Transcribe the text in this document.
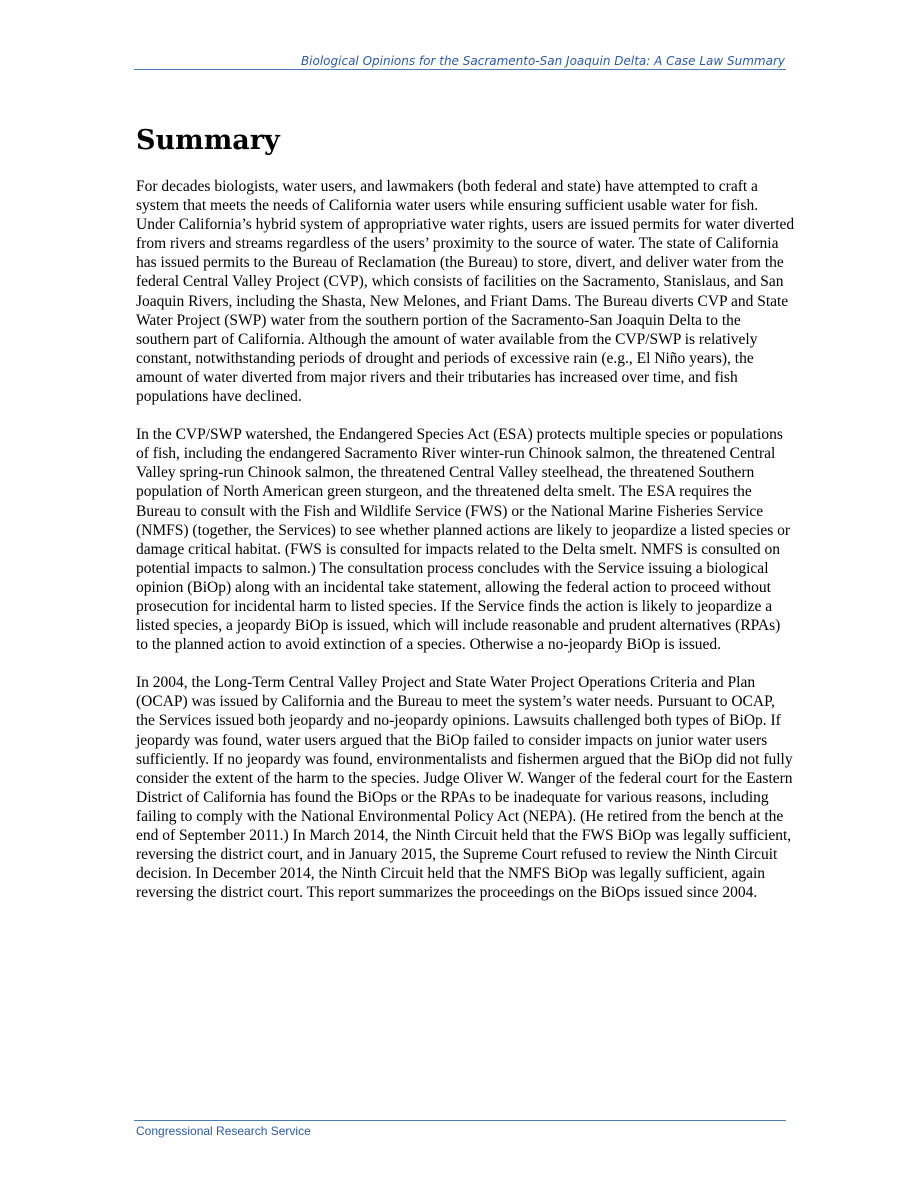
Biological Opinions for the Sacramento-San Joaquin Delta: A Case Law Summary
Summary

For decades biologists, water users, and lawmakers (both federal and state) have attempted to craft a system that meets the needs of California water users while ensuring sufficient usable water for fish. Under California’s hybrid system of appropriative water rights, users are issued permits for water diverted from rivers and streams regardless of the users’ proximity to the source of water. The state of California has issued permits to the Bureau of Reclamation (the Bureau) to store, divert, and deliver water from the federal Central Valley Project (CVP), which consists of facilities on the Sacramento, Stanislaus, and San Joaquin Rivers, including the Shasta, New Melones, and Friant Dams. The Bureau diverts CVP and State Water Project (SWP) water from the southern portion of the Sacramento-San Joaquin Delta to the southern part of California. Although the amount of water available from the CVP/SWP is relatively constant, notwithstanding periods of drought and periods of excessive rain (e.g., El Niño years), the amount of water diverted from major rivers and their tributaries has increased over time, and fish populations have declined.

In the CVP/SWP watershed, the Endangered Species Act (ESA) protects multiple species or populations of fish, including the endangered Sacramento River winter-run Chinook salmon, the threatened Central Valley spring-run Chinook salmon, the threatened Central Valley steelhead, the threatened Southern population of North American green sturgeon, and the threatened delta smelt. The ESA requires the Bureau to consult with the Fish and Wildlife Service (FWS) or the National Marine Fisheries Service (NMFS) (together, the Services) to see whether planned actions are likely to jeopardize a listed species or damage critical habitat. (FWS is consulted for impacts related to the Delta smelt. NMFS is consulted on potential impacts to salmon.) The consultation process concludes with the Service issuing a biological opinion (BiOp) along with an incidental take statement, allowing the federal action to proceed without prosecution for incidental harm to listed species. If the Service finds the action is likely to jeopardize a listed species, a jeopardy BiOp is issued, which will include reasonable and prudent alternatives (RPAs) to the planned action to avoid extinction of a species. Otherwise a no-jeopardy BiOp is issued.

In 2004, the Long-Term Central Valley Project and State Water Project Operations Criteria and Plan (OCAP) was issued by California and the Bureau to meet the system’s water needs. Pursuant to OCAP, the Services issued both jeopardy and no-jeopardy opinions. Lawsuits challenged both types of BiOp. If jeopardy was found, water users argued that the BiOp failed to consider impacts on junior water users sufficiently. If no jeopardy was found, environmentalists and fishermen argued that the BiOp did not fully consider the extent of the harm to the species. Judge Oliver W. Wanger of the federal court for the Eastern District of California has found the BiOps or the RPAs to be inadequate for various reasons, including failing to comply with the National Environmental Policy Act (NEPA). (He retired from the bench at the end of September 2011.) In March 2014, the Ninth Circuit held that the FWS BiOp was legally sufficient, reversing the district court, and in January 2015, the Supreme Court refused to review the Ninth Circuit decision. In December 2014, the Ninth Circuit held that the NMFS BiOp was legally sufficient, again reversing the district court. This report summarizes the proceedings on the BiOps issued since 2004.

Congressional Research Service
